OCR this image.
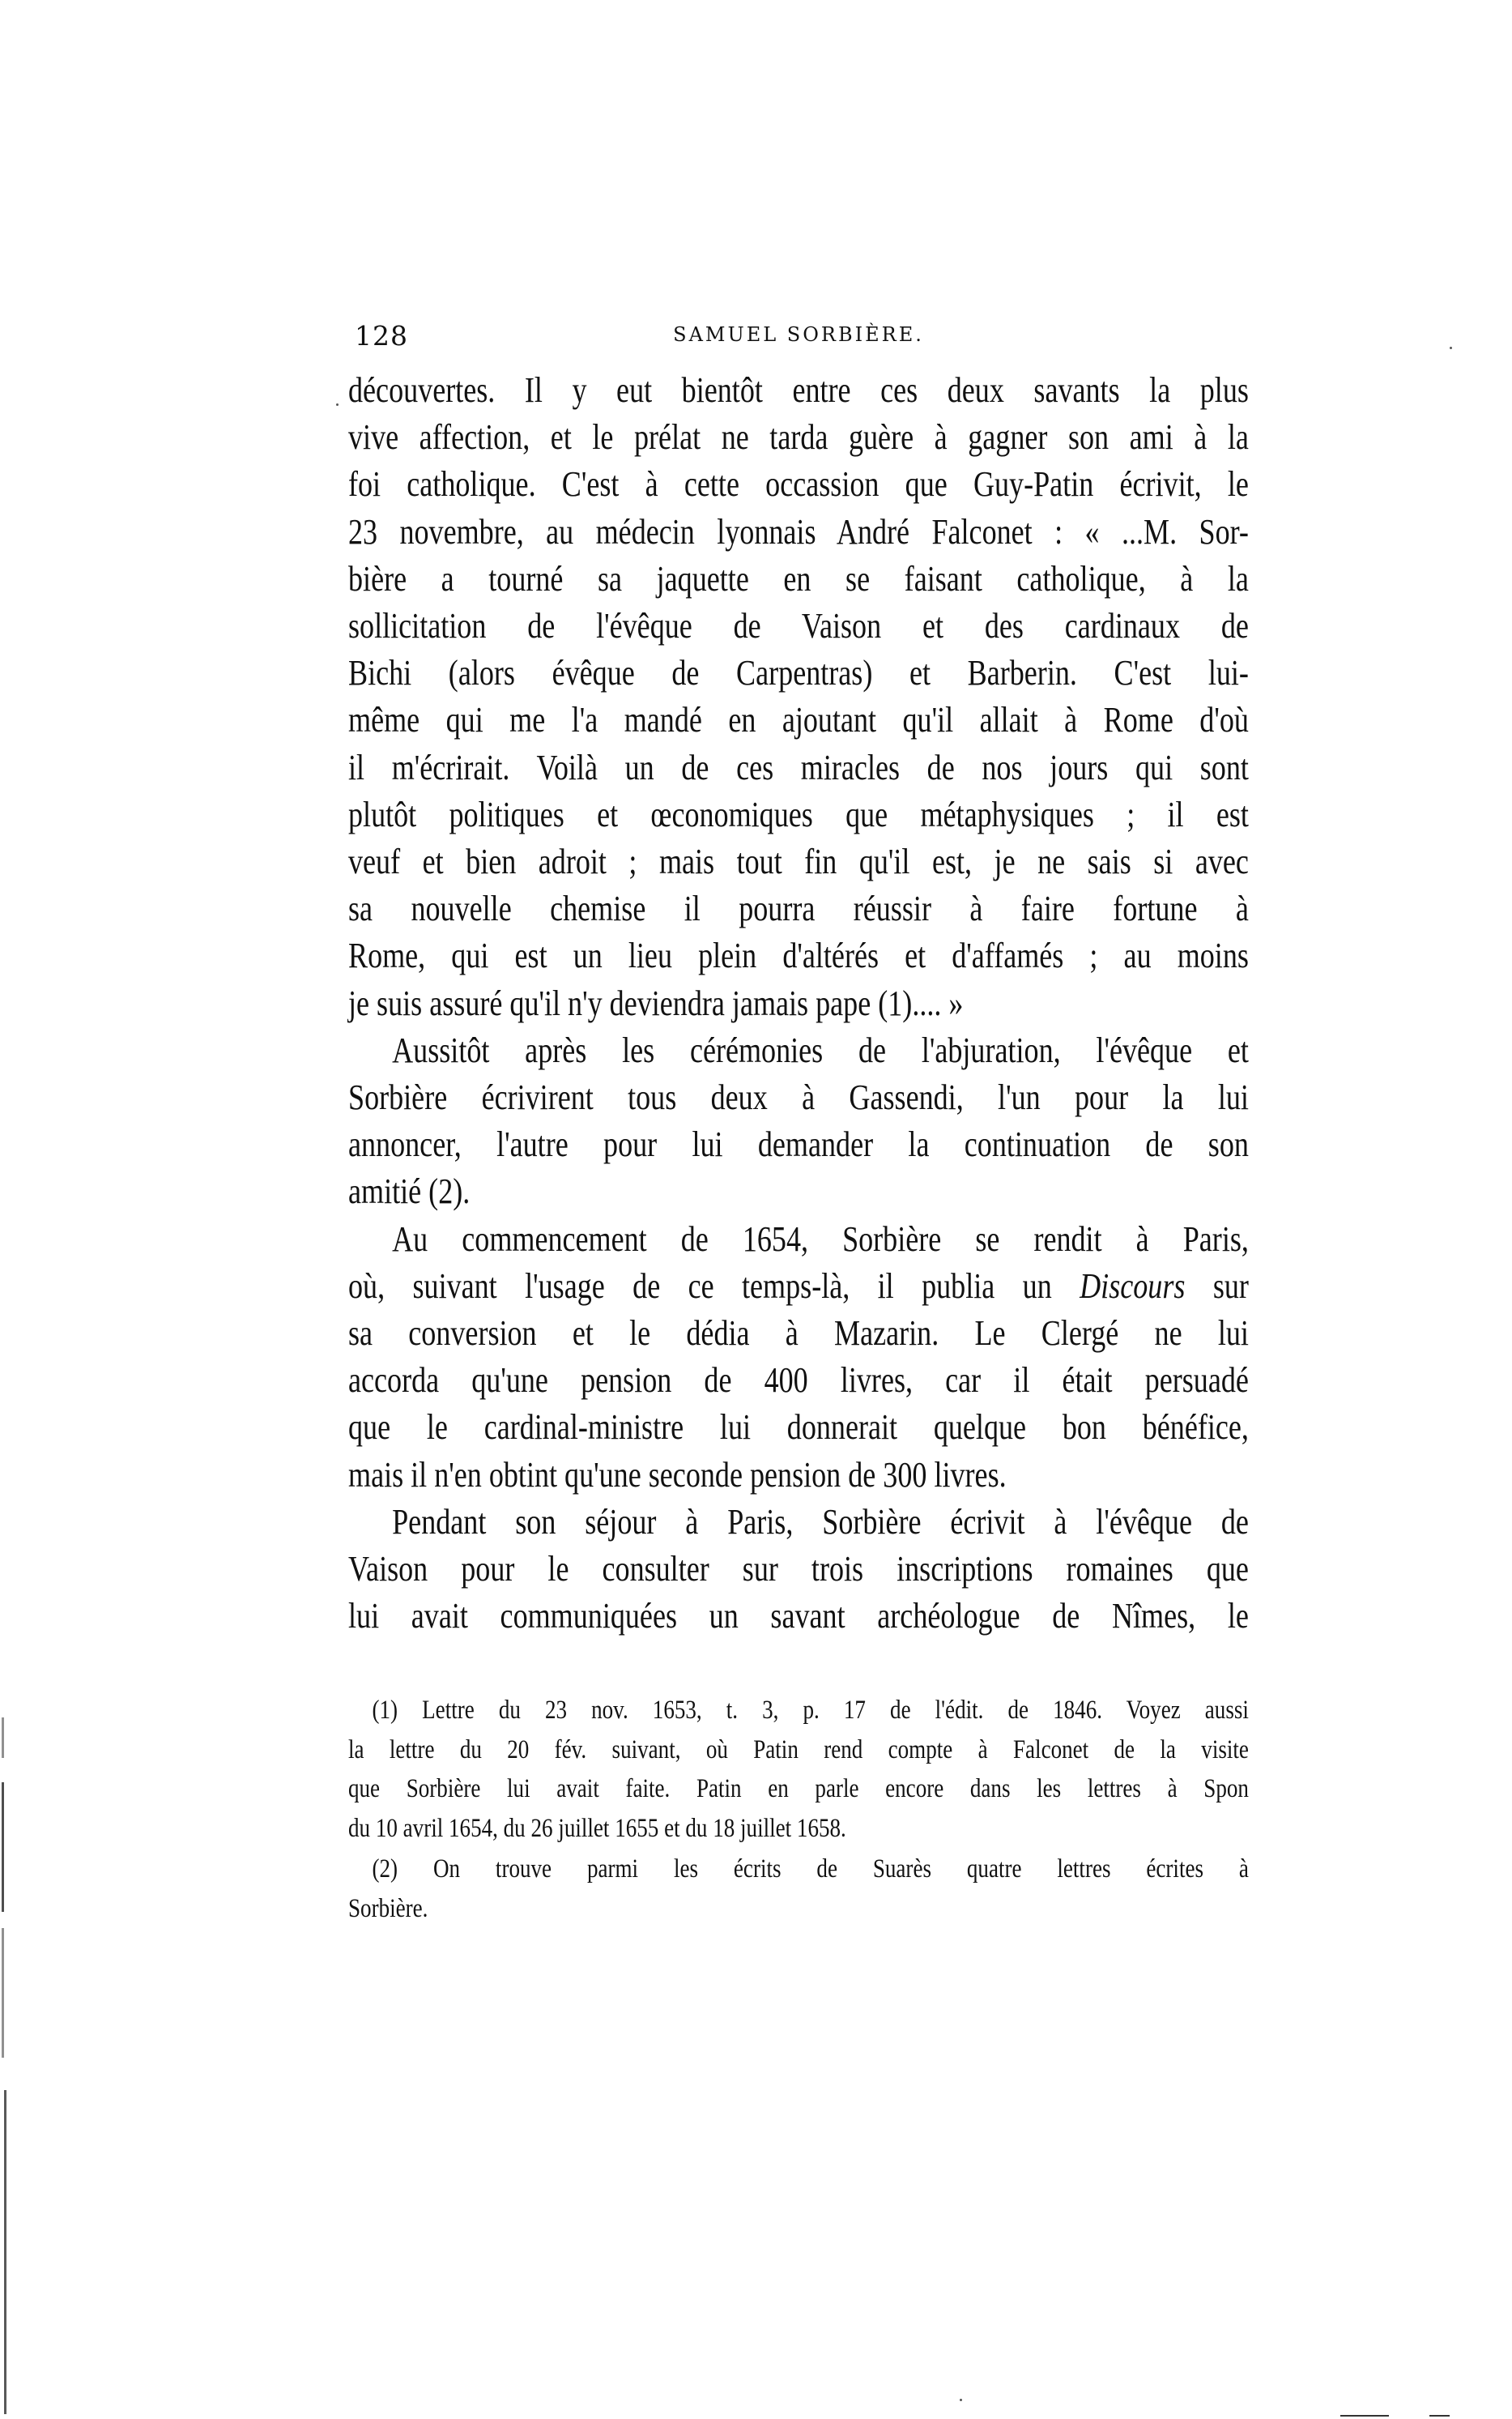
128	SAMUEL SORBIÈRE.
découvertes. Il y eut bientôt entre ces deux savants la plus
vive affection, et le prélat ne tarda guère à gagner son ami à la
foi catholique. C'est à cette occassion que Guy-Patin écrivit, le
23 novembre, au médecin lyonnais André Falconet : « ...M. Sor-
bière a tourné sa jaquette en se faisant catholique, à la
sollicitation de l'évêque de Vaison et des cardinaux de
Bichi (alors évêque de Carpentras) et Barberin. C'est lui-
même qui me l'a mandé en ajoutant qu'il allait à Rome d'où
il m'écrirait. Voilà un de ces miracles de nos jours qui sont
plutôt politiques et œconomiques que métaphysiques ; il est
veuf et bien adroit ; mais tout fin qu'il est, je ne sais si avec
sa nouvelle chemise il pourra réussir à faire fortune à
Rome, qui est un lieu plein d'altérés et d'affamés ; au moins
je suis assuré qu'il n'y deviendra jamais pape (1).... »
Aussitôt après les cérémonies de l'abjuration, l'évêque et
Sorbière écrivirent tous deux à Gassendi, l'un pour la lui
annoncer, l'autre pour lui demander la continuation de son
amitié (2).
Au commencement de 1654, Sorbière se rendit à Paris,
où, suivant l'usage de ce temps-là, il publia un Discours sur
sa conversion et le dédia à Mazarin. Le Clergé ne lui
accorda qu'une pension de 400 livres, car il était persuadé
que le cardinal-ministre lui donnerait quelque bon bénéfice,
mais il n'en obtint qu'une seconde pension de 300 livres.
Pendant son séjour à Paris, Sorbière écrivit à l'évêque de
Vaison pour le consulter sur trois inscriptions romaines que
lui avait communiquées un savant archéologue de Nîmes, le
(1) Lettre du 23 nov. 1653, t. 3, p. 17 de l'édit. de 1846. Voyez aussi
la lettre du 20 fév. suivant, où Patin rend compte à Falconet de la visite
que Sorbière lui avait faite. Patin en parle encore dans les lettres à Spon
du 10 avril 1654, du 26 juillet 1655 et du 18 juillet 1658.
(2) On trouve parmi les écrits de Suarès quatre lettres écrites à
Sorbière.
